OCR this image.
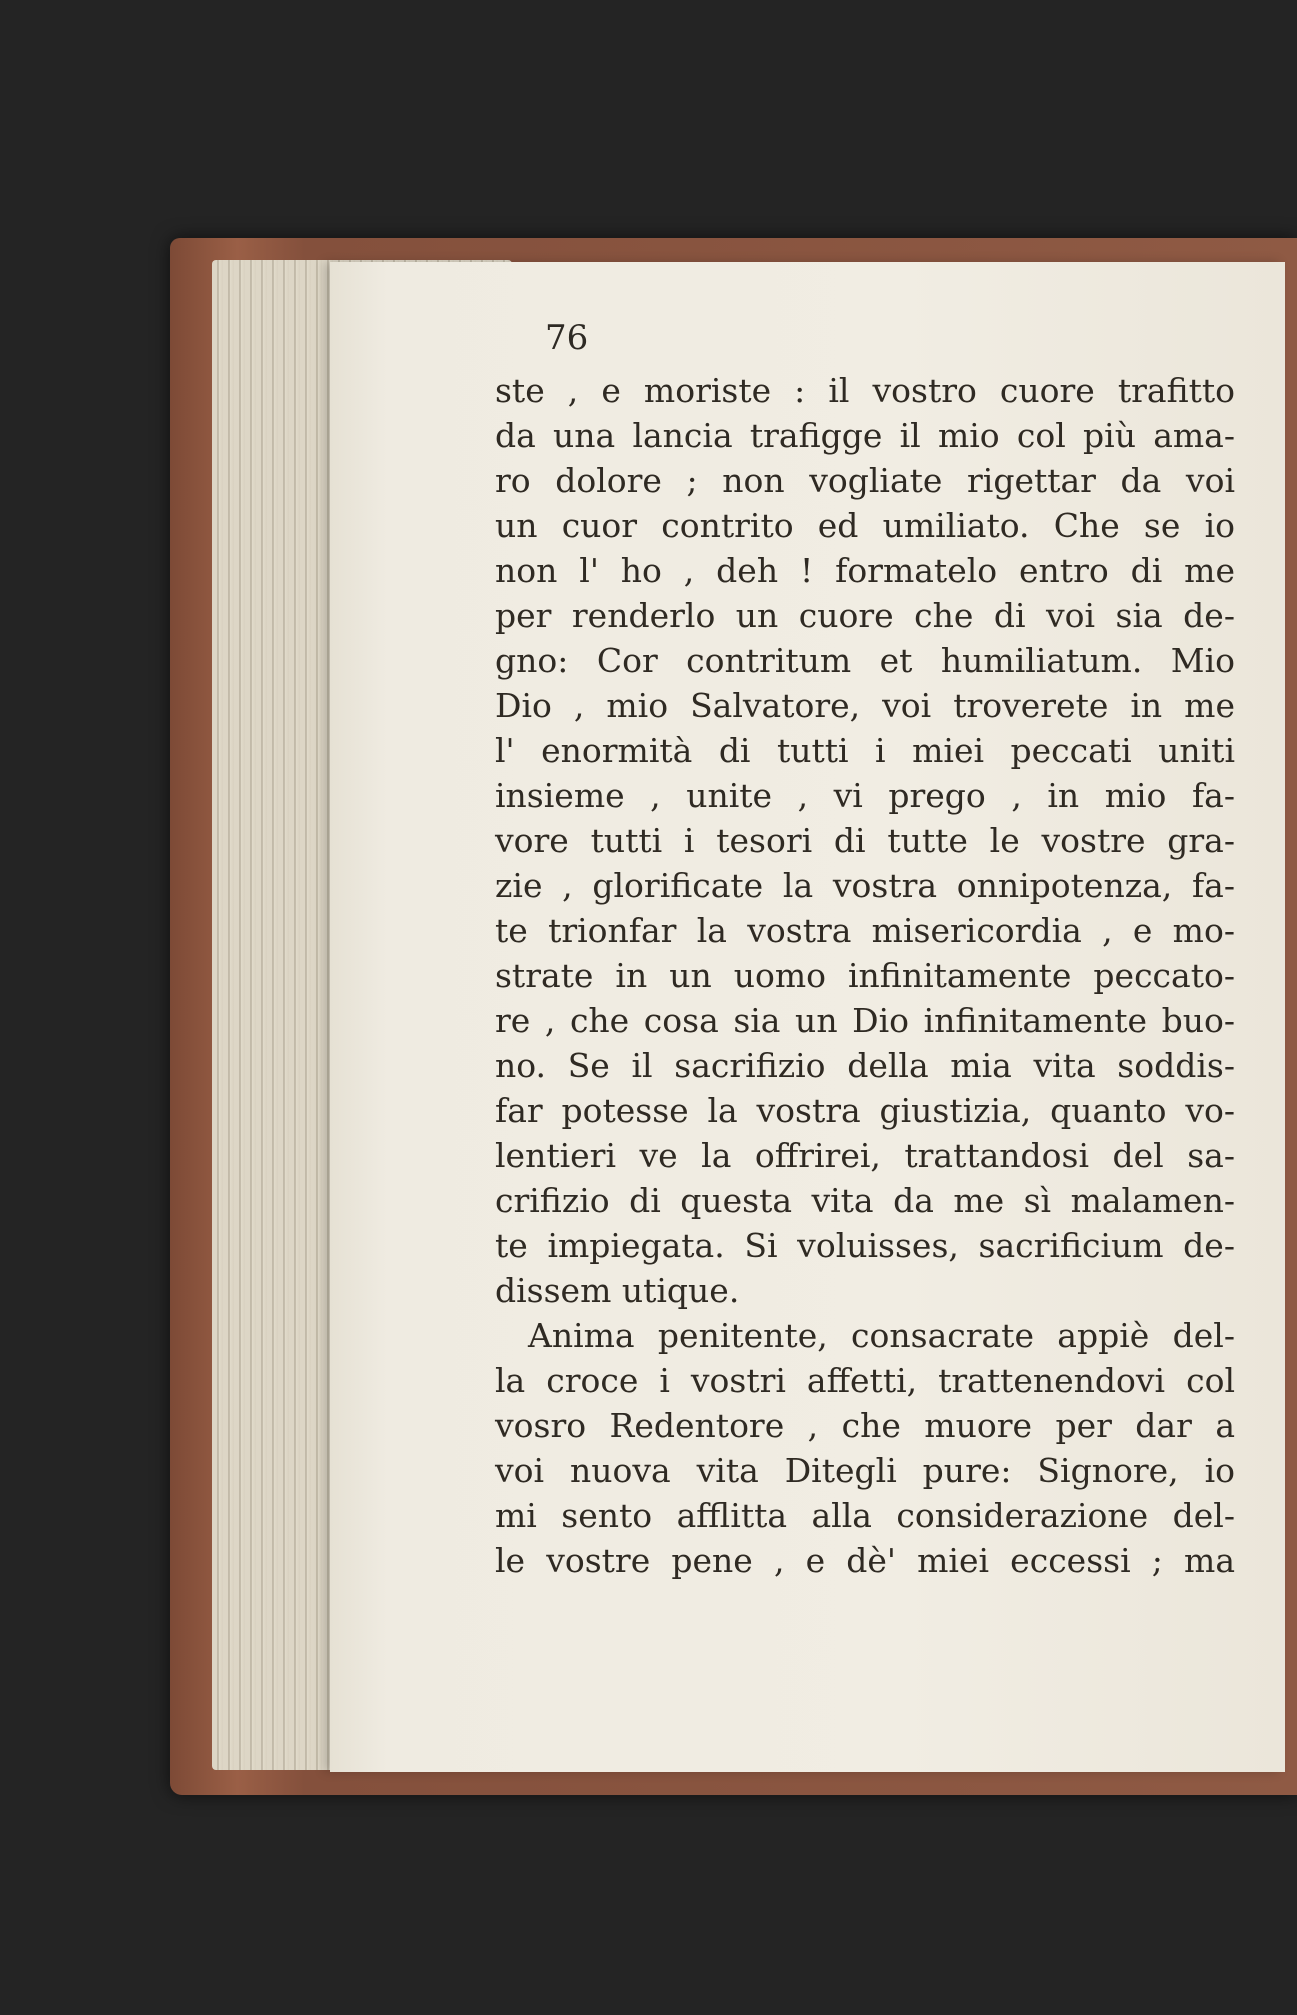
76

ste , e moriste : il vostro cuore trafitto
da una lancia trafigge il mio col più ama-
ro dolore ; non vogliate rigettar da voi
un cuor contrito ed umiliato. Che se io
non l' ho , deh ! formatelo entro di me
per renderlo un cuore che di voi sia de-
gno: Cor contritum et humiliatum. Mio
Dio , mio Salvatore, voi troverete in me
l' enormità di tutti i miei peccati uniti
insieme , unite , vi prego , in mio fa-
vore tutti i tesori di tutte le vostre gra-
zie , glorificate la vostra onnipotenza, fa-
te trionfar la vostra misericordia , e mo-
strate in un uomo infinitamente peccato-
re , che cosa sia un Dio infinitamente buo-
no. Se il sacrifizio della mia vita soddis-
far potesse la vostra giustizia, quanto vo-
lentieri ve la offrirei, trattandosi del sa-
crifizio di questa vita da me sì malamen-
te impiegata. Si voluisses, sacrificium de-
dissem utique.
Anima penitente, consacrate appiè del-
la croce i vostri affetti, trattenendovi col
vosro Redentore , che muore per dar a
voi nuova vita Ditegli pure: Signore, io
mi sento afflitta alla considerazione del-
le vostre pene , e dè' miei eccessi ; ma
